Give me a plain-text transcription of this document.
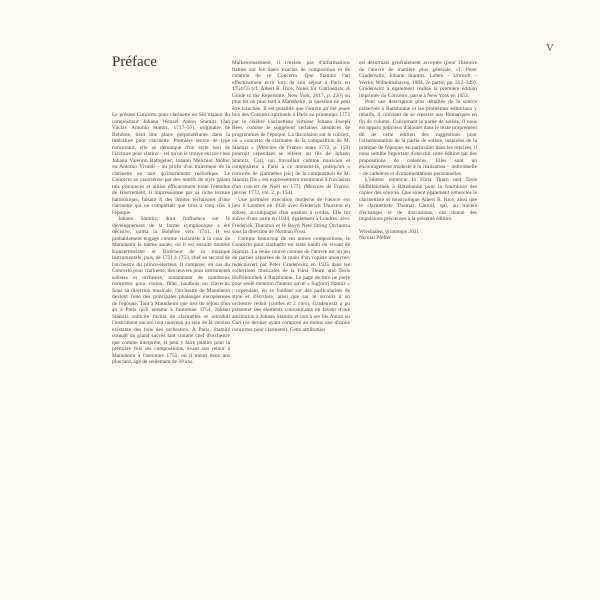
V
Préface

Le présent Concerto pour clarinette en Sib majeur du compositeur Johann Wenzel Anton Stamitz (Jan Václav Antonín Stamic, 1717–57), originaire de Bohême, tient une place prépondérante dans la littérature pour clarinette. Première œuvre de type concertant, elle se démarque d'un style issu de l'écriture pour clarino – tel qu'on le trouve encore chez Johann Valentin Rathgeber, Johann Melchior Molter ou Antonio Vivaldi – au profit d'un traitement de la clarinette en tant qu'instrument mélodique. Le Concerto se caractérise par des motifs de style galant très prononcés et utilise efficacement toute l'étendue de l'instrument; il impressionne par sa riche texture harmonique, faisant fi des limites techniques d'une clarinette qui ne comportait que trois à cinq clés à l'époque.

Johann Stamitz, dont l'influence sur le développement de la forme symphonique a été décisive, quitta la Bohême vers 1741. Il est probablement engagé comme violoniste à la cour de Mannheim la même année, où il est ensuite nommé Konzertmeister et Directeur de la musique instrumentale, puis, de 1751 à 1753, chef en second de l'orchestre du prince-électeur. Il compose, en sus du Concerto pour clarinette, des œuvres pour instruments solistes et orchestre, notamment de nombreux concertos pour violon, flûte, hautbois ou clavecin. Sous sa direction musicale, l'orchestre de Mannheim devient l'une des principales phalanges européennes de l'époque. Tant à Mannheim que lors du séjour d'un an à Paris qu'il entame à l'automne 1754, Johann Stamitz sollicite l'achat de clarinettes et introduit l'instrument encore tout nouveau au sein de la version existante des bois des orchestres. À Paris, Stamitz connaît un grand succès tant comme chef d'orchestre que comme interprète, et peut y faire publier pour la première fois ses compositions, avant son retour à Mannheim à l'automne 1755, où il meurt deux ans plus tard, âgé de seulement de 39 ans.

Malheureusement, il n'existe pas d'informations fiables sur les dates exactes de composition et de création de ce Concerto. Que Stamitz l'ait effectivement écrit lors de son séjour à Paris en 1754/55 (cf. Albert R. Rice, Notes for Clarinetists. A Guide to the Repertoire, New York, 2017, p. 220) ou plus tôt ou plus tard à Mannheim, la question ne peut être tranchée. Il est possible que l'œuvre ait été jouée lors des Concerts spirituels à Paris au printemps 1772 par le célèbre clarinettiste virtuose Johann Joseph Beer, comme le suggèrent certaines annonces de programmes de l'époque. La discussion sur le concert, où « concerto de clarinette de la composition de M. Stamitz » (Mercure de France, mars 1772, p. 159) pourrait cependant se référer au fils de Johann Stamitz, Carl, qui travaillait comme musicien et compositeur à Paris à ce moment-là, puisqu'un « concerto de clarinettes [sic] de la composition de M. Stamitz fils » est expressément mentionné à l'occasion d'un concert de Noël en 1771 (Mercure de France, janvier 1772, vol. 2, p. 154).

Une première exécution moderne de l'œuvre eut lieu à Londres en 1936 avec Frederick Thurston en soliste, accompagné d'un quatuor à cordes. Elle fut suivie d'une autre en 1944, également à Londres, avec Frederick Thurston et le Boyd Neel String Orchestra sous la direction de Norman Frost.

Comme beaucoup de ses autres compositions, le Concerto pour clarinette est resté inédit du vivant de Stamitz. La seule source connue de l'œuvre est un jeu de parties séparées de la main d'un copiste anonyme, redécouvert par Peter Gradenwitz en 1935 dans les collections musicales de la Fürst Thurn und Taxis Hofbibliothek à Ratisbonne. La page de titre ne porte pour seule mention d'auteur qu'un « Sig[nor] Stamiz » ; cependant, en se fondant sur des particularités de style et d'écriture, ainsi que sur le recours à un orchestre réduit (cordes et 2 cors), Gradenwitz a pu présenter des éléments convaincants en faveur d'une attribution à Johann Stamitz et non à ses fils Anton ou Carl (ce dernier ayant composé au moins une dizaine concertos pour clarinette). Cette attribution

est désormais généralement acceptée (pour l'histoire de l'œuvre de manière plus générale, cf. Peter Gradenwitz, Johann Stamitz. Leben – Umwelt – Werke, Wilhelmshaven, 1984, 2e partie, pp. 312–349). Gradenwitz a également réalisé la première édition imprimée du Concerto, parue à New York en 1953.

Pour une description plus détaillée de la source préservée à Ratisbonne et les problèmes éditoriaux y relatifs, il convient de se reporter aux Remarques en fin de volume. Concernant la partie de soliste, il nous est apparu judicieux d'ajouter dans le texte proprement dit de cette édition des suggestions pour l'ornementation de la partie de soliste, inspirées de la pratique de l'époque, en particulier dans les reprises; il nous semble important d'enrichir cette édition par des propositions de cadences. Elles sont un encouragement modeste à la réalisation – individuelle – de cadences et d'ornementations personnelles.

L'éditeur remercie la Fürst Thurn und Taxis Hofbibliothek à Ratisbonne pour la fourniture des copies des sources. Que soient également remerciés le clarinettiste et musicologue Albert R. Rice, ainsi que le clarinettiste Thomas Carroll, qui, au travers d'échanges et de discussions, ont donné des impulsions précieuses à la présente édition.

Wiesbaden, printemps 2021

Nicolai Pfeffer
